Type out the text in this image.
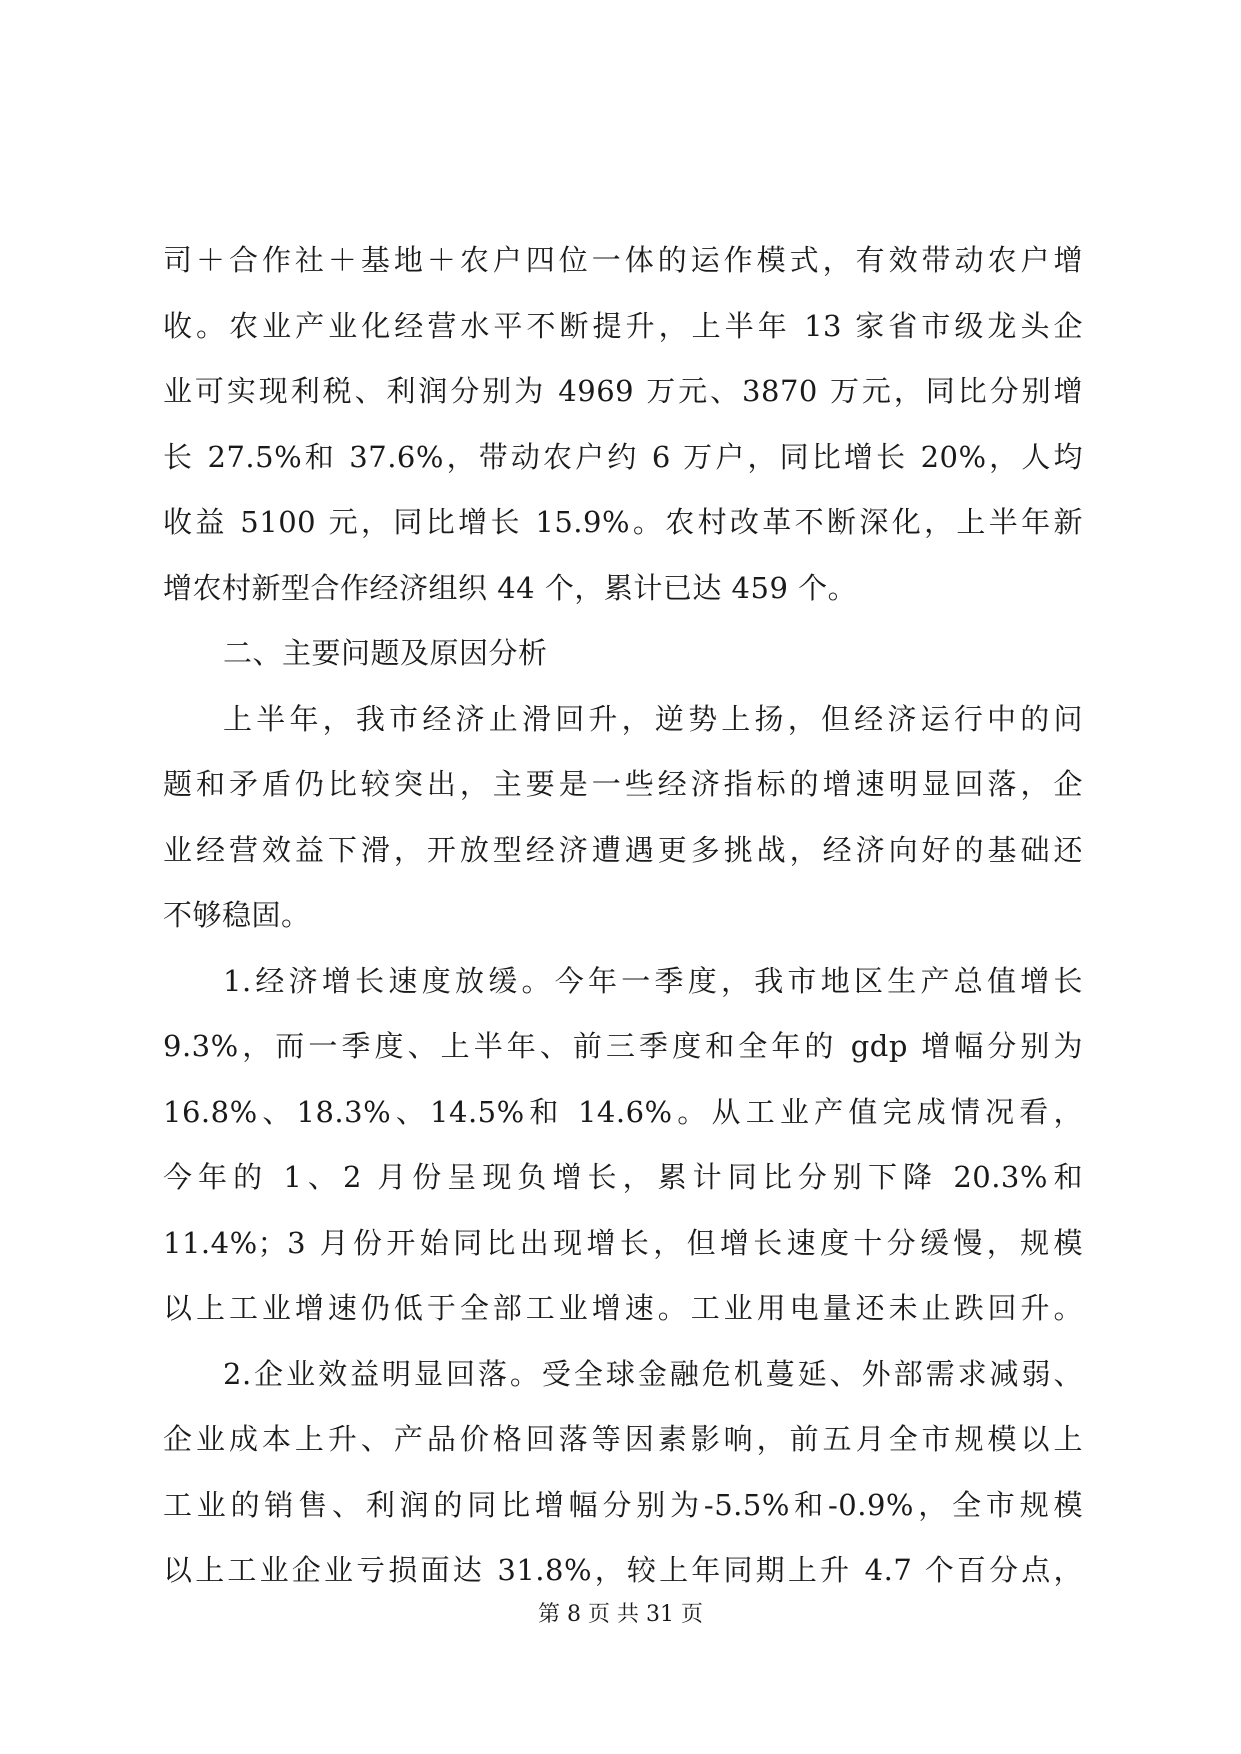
司＋合作社＋基地＋农户四位一体的运作模式，有效带动农户增
收。农业产业化经营水平不断提升，上半年 13 家省市级龙头企
业可实现利税、利润分别为 4969 万元、3870 万元，同比分别增
长 27.5%和 37.6%，带动农户约 6 万户，同比增长 20%，人均
收益 5100 元，同比增长 15.9%。农村改革不断深化，上半年新
增农村新型合作经济组织 44 个，累计已达 459 个。
二、主要问题及原因分析
上半年，我市经济止滑回升，逆势上扬，但经济运行中的问
题和矛盾仍比较突出，主要是一些经济指标的增速明显回落，企
业经营效益下滑，开放型经济遭遇更多挑战，经济向好的基础还
不够稳固。
1.经济增长速度放缓。今年一季度，我市地区生产总值增长
9.3%，而一季度、上半年、前三季度和全年的 gdp 增幅分别为
16.8%、18.3%、14.5%和 14.6%。从工业产值完成情况看，
今年的 1、2 月份呈现负增长，累计同比分别下降 20.3%和
11.4%；3 月份开始同比出现增长，但增长速度十分缓慢，规模
以上工业增速仍低于全部工业增速。工业用电量还未止跌回升。
2.企业效益明显回落。受全球金融危机蔓延、外部需求减弱、
企业成本上升、产品价格回落等因素影响，前五月全市规模以上
工业的销售、利润的同比增幅分别为-5.5%和-0.9%，全市规模
以上工业企业亏损面达 31.8%，较上年同期上升 4.7 个百分点，
第 8 页 共 31 页
